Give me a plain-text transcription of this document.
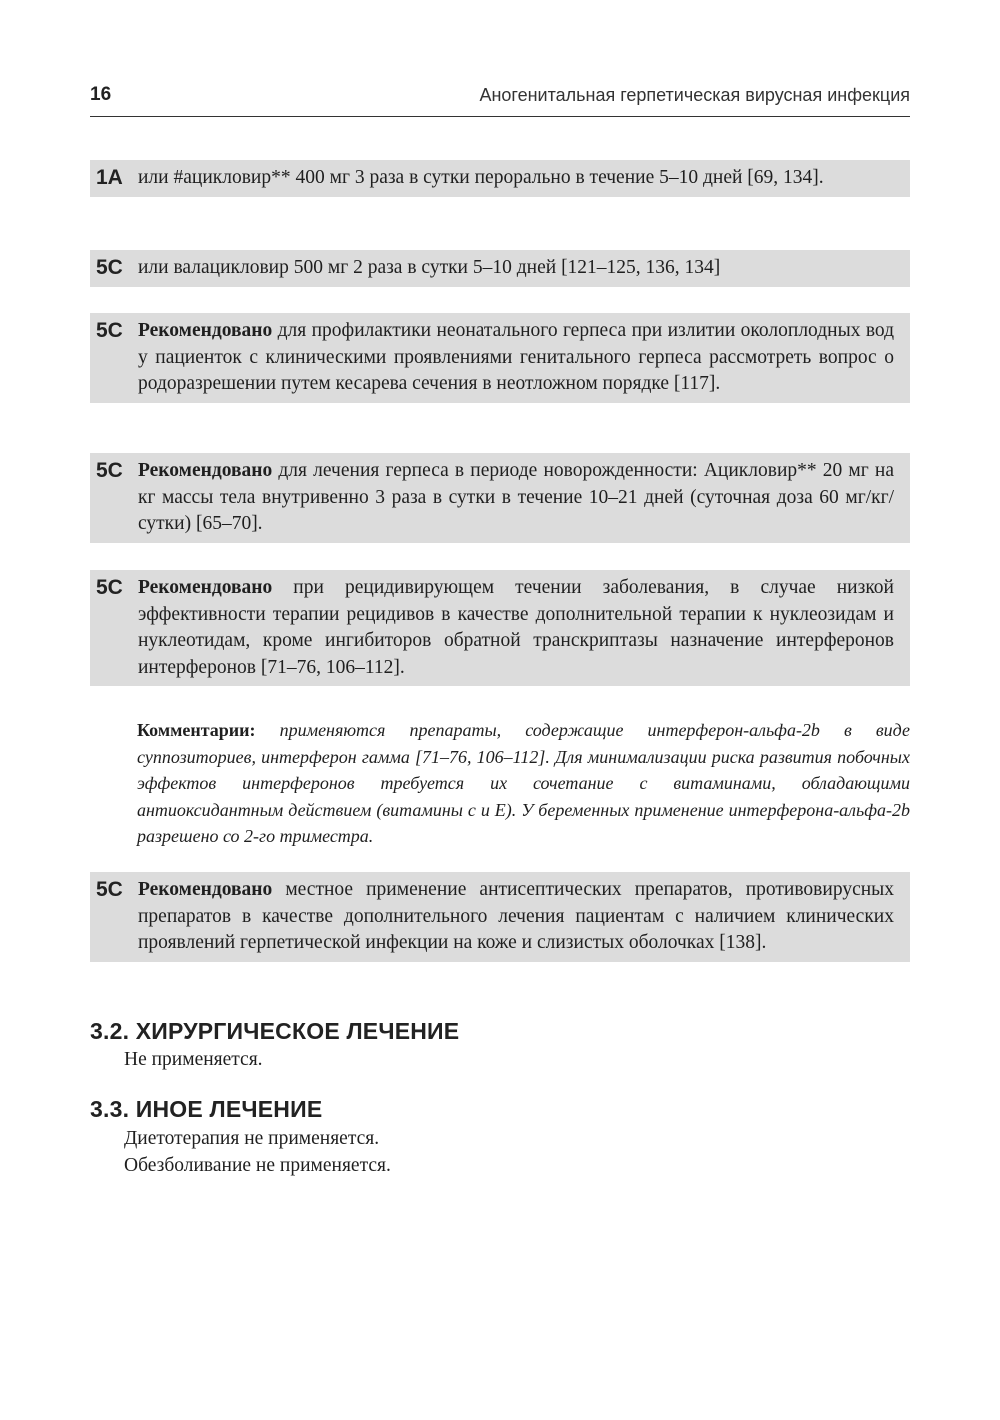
16	Аногенитальная герпетическая вирусная инфекция
1А или #ацикловир** 400 мг 3 раза в сутки перорально в течение 5–10 дней [69, 134].
5С или валацикловир 500 мг 2 раза в сутки 5–10 дней [121–125, 136, 134]
5С Рекомендовано для профилактики неонатального герпеса при излитии околоплодных вод у пациенток с клиническими проявлениями генитального герпеса рассмотреть вопрос о родоразрешении путем кесарева сечения в неотложном порядке [117].
5С Рекомендовано для лечения герпеса в периоде новорожденности: Ацикловир** 20 мг на кг массы тела внутривенно 3 раза в сутки в течение 10–21 дней (суточная доза 60 мг/кг/сутки) [65–70].
5С Рекомендовано при рецидивирующем течении заболевания, в случае низкой эффективности терапии рецидивов в качестве дополнительной терапии к нуклеозидам и нуклеотидам, кроме ингибиторов обратной транскриптазы назначение интерферонов интерферонов [71–76, 106–112].
Комментарии: применяются препараты, содержащие интерферон-альфа-2b в виде суппозиториев, интерферон гамма [71–76, 106–112]. Для минимализации риска развития побочных эффектов интерферонов требуется их сочетание с витаминами, обладающими антиоксидантным действием (витамины с и Е). У беременных применение интерферона-альфа-2b разрешено со 2-го триместра.
5С Рекомендовано местное применение антисептических препаратов, противовирусных препаратов в качестве дополнительного лечения пациентам с наличием клинических проявлений герпетической инфекции на коже и слизистых оболочках [138].
3.2. ХИРУРГИЧЕСКОЕ ЛЕЧЕНИЕ
Не применяется.
3.3. ИНОЕ ЛЕЧЕНИЕ
Диетотерапия не применяется.
Обезболивание не применяется.
